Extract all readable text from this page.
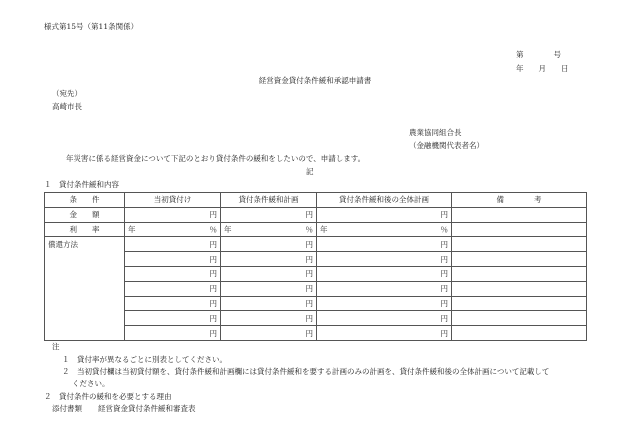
様式第15号（第11条関係）
第　　　　号
年　　月　　日
経営資金貸付条件緩和承認申請書
（宛先）
高崎市長
農業協同組合長
（金融機関代表者名）
年災害に係る経営資金について下記のとおり貸付条件の緩和をしたいので、申請します。
記
１　貸付条件緩和内容
条　　件	当初貸付け	貸付条件緩和計画	貸付条件緩和後の全体計画	備　　　　考
金　　額	円	円	円	
利　　率	年 ％	年 ％	年 ％	

償還方法	円	円	円	
	円	円	円	
	円	円	円	
	円	円	円	
	円	円	円	
	円	円	円	
	円	円	円	
注
１　貸付率が異なるごとに別表としてください。
２　当初貸付欄は当初貸付額を、貸付条件緩和計画欄には貸付条件緩和を要する計画のみの計画を、貸付条件緩和後の全体計画について記載して
ください。
２　貸付条件の緩和を必要とする理由
添付書類 経営資金貸付条件緩和審査表
